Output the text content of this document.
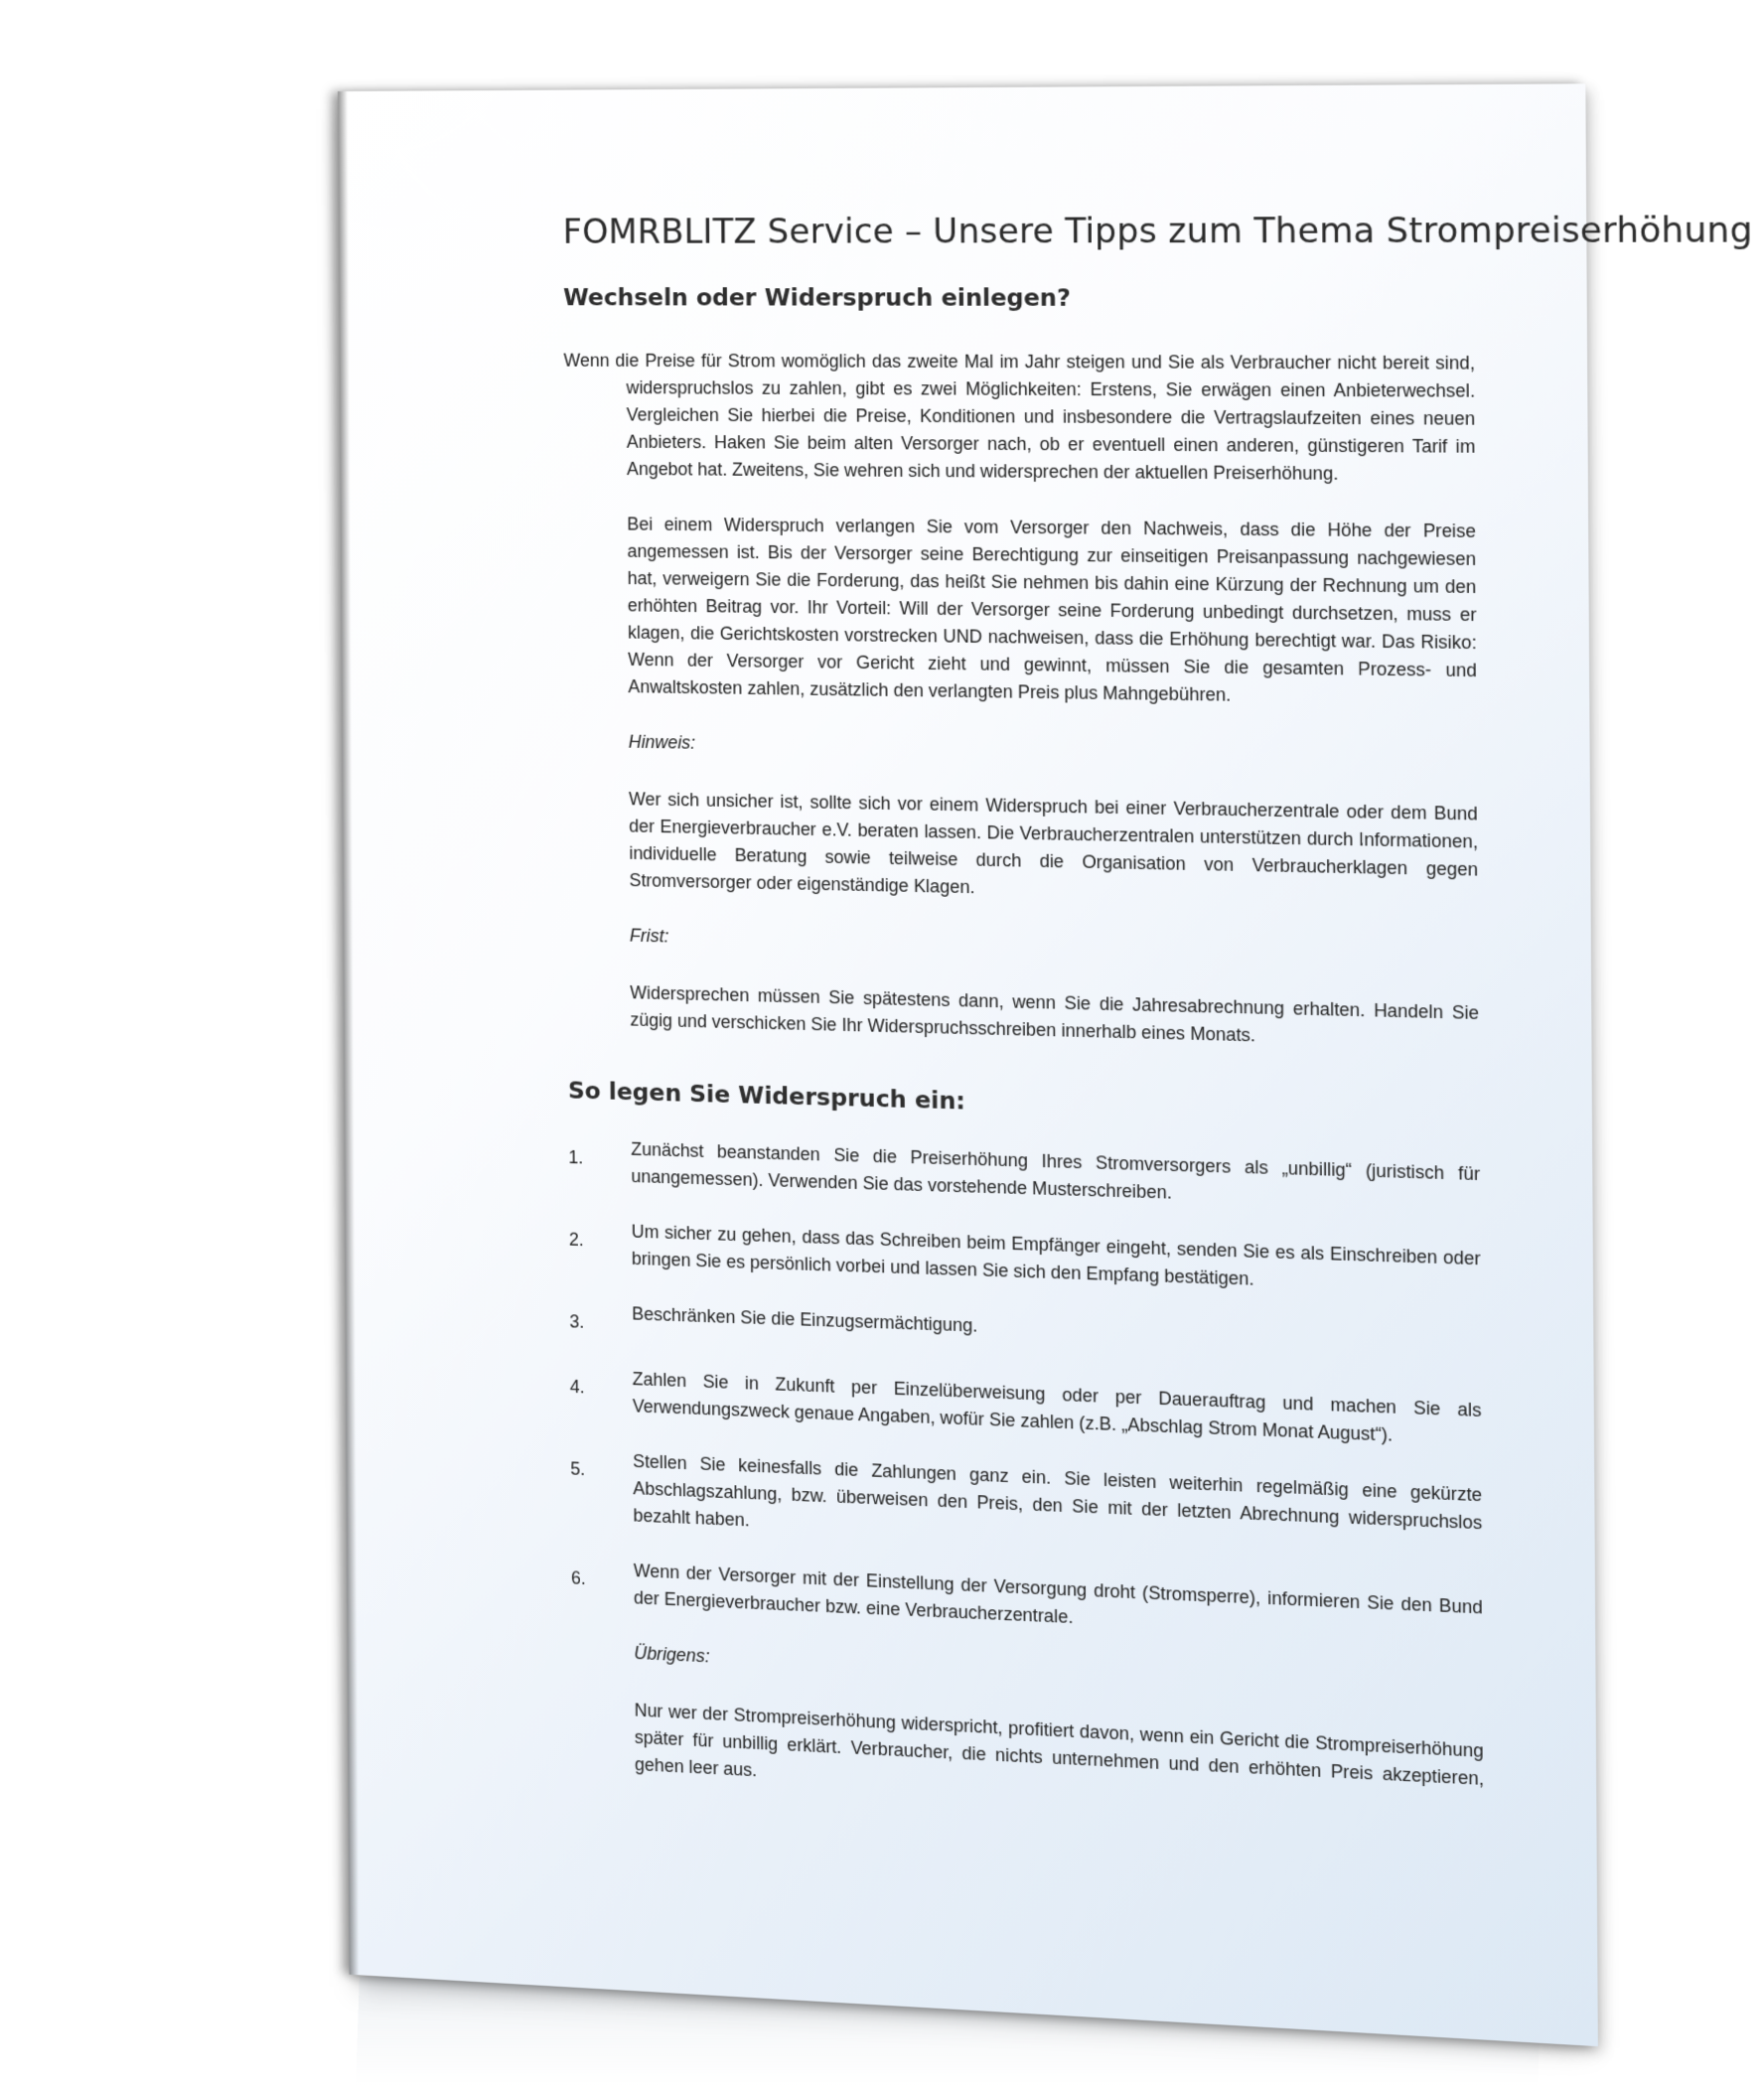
FOMRBLITZ Service – Unsere Tipps zum Thema Strompreiserhöhung
Wechseln oder Widerspruch einlegen?

Wenn die Preise für Strom womöglich das zweite Mal im Jahr steigen und Sie als Verbraucher nicht bereit sind, widerspruchslos zu zahlen, gibt es zwei Möglichkeiten: Erstens, Sie erwägen einen Anbieterwechsel. Vergleichen Sie hierbei die Preise, Konditionen und insbesondere die Vertragslaufzeiten eines neuen Anbieters. Haken Sie beim alten Versorger nach, ob er eventuell einen anderen, günstigeren Tarif im Angebot hat. Zweitens, Sie wehren sich und widersprechen der aktuellen Preiserhöhung.

Bei einem Widerspruch verlangen Sie vom Versorger den Nachweis, dass die Höhe der Preise angemessen ist. Bis der Versorger seine Berechtigung zur einseitigen Preisanpassung nachgewiesen hat, verweigern Sie die Forderung, das heißt Sie nehmen bis dahin eine Kürzung der Rechnung um den erhöhten Beitrag vor. Ihr Vorteil: Will der Versorger seine Forderung unbedingt durchsetzen, muss er klagen, die Gerichtskosten vorstrecken UND nachweisen, dass die Erhöhung berechtigt war. Das Risiko: Wenn der Versorger vor Gericht zieht und gewinnt, müssen Sie die gesamten Prozess- und Anwaltskosten zahlen, zusätzlich den verlangten Preis plus Mahngebühren.

Hinweis:

Wer sich unsicher ist, sollte sich vor einem Widerspruch bei einer Verbraucherzentrale oder dem Bund der Energieverbraucher e.V. beraten lassen. Die Verbraucherzentralen unterstützen durch Informationen, individuelle Beratung sowie teilweise durch die Organisation von Verbraucherklagen gegen Stromversorger oder eigenständige Klagen.

Frist:

Widersprechen müssen Sie spätestens dann, wenn Sie die Jahresabrechnung erhalten. Handeln Sie zügig und verschicken Sie Ihr Widerspruchsschreiben innerhalb eines Monats.

So legen Sie Widerspruch ein:
1.	Zunächst beanstanden Sie die Preiserhöhung Ihres Stromversorgers als „unbillig“ (juristisch für unangemessen). Verwenden Sie das vorstehende Musterschreiben.
2.	Um sicher zu gehen, dass das Schreiben beim Empfänger eingeht, senden Sie es als Einschreiben oder bringen Sie es persönlich vorbei und lassen Sie sich den Empfang bestätigen.
3.	Beschränken Sie die Einzugsermächtigung.
4.	Zahlen Sie in Zukunft per Einzelüberweisung oder per Dauerauftrag und machen Sie als Verwendungszweck genaue Angaben, wofür Sie zahlen (z.B. „Abschlag Strom Monat August“).
5.	Stellen Sie keinesfalls die Zahlungen ganz ein. Sie leisten weiterhin regelmäßig eine gekürzte Abschlagszahlung, bzw. überweisen den Preis, den Sie mit der letzten Abrechnung widerspruchslos bezahlt haben.
6.	Wenn der Versorger mit der Einstellung der Versorgung droht (Stromsperre), informieren Sie den Bund der Energieverbraucher bzw. eine Verbraucherzentrale.

Übrigens:

Nur wer der Strompreiserhöhung widerspricht, profitiert davon, wenn ein Gericht die Strompreiserhöhung später für unbillig erklärt. Verbraucher, die nichts unternehmen und den erhöhten Preis akzeptieren, gehen leer aus.
